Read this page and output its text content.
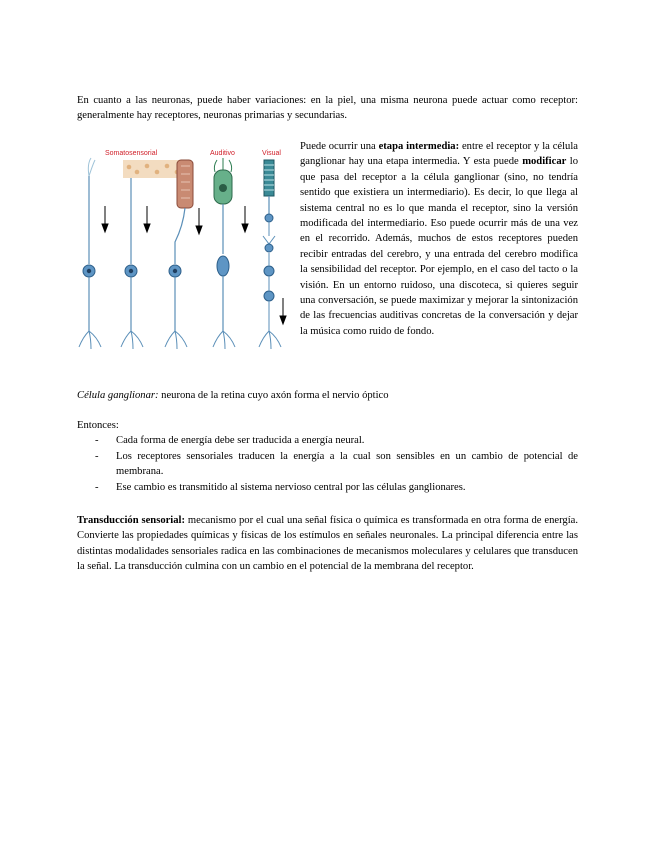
En cuanto a las neuronas, puede haber variaciones: en la piel, una misma neurona puede actuar como receptor: generalmente hay receptores, neuronas primarias y secundarias.

Somatosensorial	Auditivo	Visual
Puede ocurrir una etapa intermedia: entre el receptor y la célula ganglionar hay una etapa intermedia. Y esta puede modificar lo que pasa del receptor a la célula ganglionar (sino, no tendría sentido que existiera un intermediario). Es decir, lo que llega al sistema central no es lo que manda el receptor, sino la versión modificada del intermediario. Eso puede ocurrir más de una vez en el recorrido. Además, muchos de estos receptores pueden recibir entradas del cerebro, y una entrada del cerebro modifica la sensibilidad del receptor. Por ejemplo, en el caso del tacto o la visión. En un entorno ruidoso, una discoteca, si quieres seguir una conversación, se puede maximizar y mejorar la sintonización de las frecuencias auditivas concretas de la conversación y dejar la música como ruido de fondo.
Célula ganglionar: neurona de la retina cuyo axón forma el nervio óptico
Entonces:
- Cada forma de energía debe ser traducida a energía neural.
- Los receptores sensoriales traducen la energía a la cual son sensibles en un cambio de potencial de membrana.
- Ese cambio es transmitido al sistema nervioso central por las células ganglionares.
Transducción sensorial: mecanismo por el cual una señal física o química es transformada en otra forma de energía. Convierte las propiedades químicas y físicas de los estímulos en señales neuronales. La principal diferencia entre las distintas modalidades sensoriales radica en las combinaciones de mecanismos moleculares y celulares que transducen la señal. La transducción culmina con un cambio en el potencial de la membrana del receptor.
